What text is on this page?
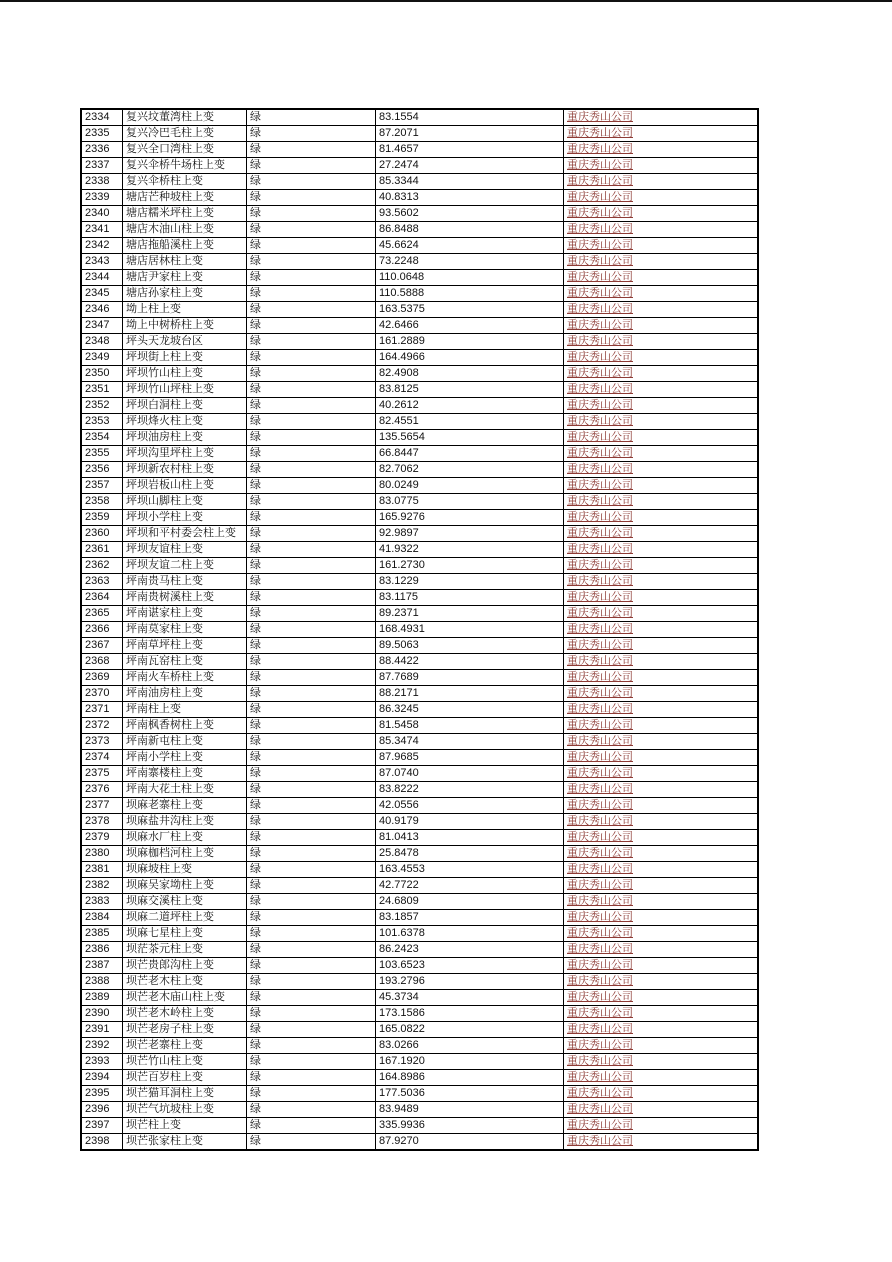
2334	复兴坟董湾柱上变	绿	83.1554	重庆秀山公司
2335	复兴冷巴毛柱上变	绿	87.2071	重庆秀山公司
2336	复兴全口湾柱上变	绿	81.4657	重庆秀山公司
2337	复兴伞桥牛场柱上变	绿	27.2474	重庆秀山公司
2338	复兴伞桥柱上变	绿	85.3344	重庆秀山公司
2339	塘店芒种坡柱上变	绿	40.8313	重庆秀山公司
2340	塘店糯米坪柱上变	绿	93.5602	重庆秀山公司
2341	塘店木油山柱上变	绿	86.8488	重庆秀山公司
2342	塘店拖船溪柱上变	绿	45.6624	重庆秀山公司
2343	塘店居林柱上变	绿	73.2248	重庆秀山公司
2344	塘店尹家柱上变	绿	110.0648	重庆秀山公司
2345	塘店孙家柱上变	绿	110.5888	重庆秀山公司
2346	坳上柱上变	绿	163.5375	重庆秀山公司
2347	坳上中树桥柱上变	绿	42.6466	重庆秀山公司
2348	坪头天龙坡台区	绿	161.2889	重庆秀山公司
2349	坪坝街上柱上变	绿	164.4966	重庆秀山公司
2350	坪坝竹山柱上变	绿	82.4908	重庆秀山公司
2351	坪坝竹山坪柱上变	绿	83.8125	重庆秀山公司
2352	坪坝白洞柱上变	绿	40.2612	重庆秀山公司
2353	坪坝烽火柱上变	绿	82.4551	重庆秀山公司
2354	坪坝油房柱上变	绿	135.5654	重庆秀山公司
2355	坪坝沟里坪柱上变	绿	66.8447	重庆秀山公司
2356	坪坝新农村柱上变	绿	82.7062	重庆秀山公司
2357	坪坝岩板山柱上变	绿	80.0249	重庆秀山公司
2358	坪坝山脚柱上变	绿	83.0775	重庆秀山公司
2359	坪坝小学柱上变	绿	165.9276	重庆秀山公司
2360	坪坝和平村委会柱上变	绿	92.9897	重庆秀山公司
2361	坪坝友谊柱上变	绿	41.9322	重庆秀山公司
2362	坪坝友谊二柱上变	绿	161.2730	重庆秀山公司
2363	坪南贵马柱上变	绿	83.1229	重庆秀山公司
2364	坪南贵树溪柱上变	绿	83.1175	重庆秀山公司
2365	坪南谌家柱上变	绿	89.2371	重庆秀山公司
2366	坪南莫家柱上变	绿	168.4931	重庆秀山公司
2367	坪南草坪柱上变	绿	89.5063	重庆秀山公司
2368	坪南瓦窑柱上变	绿	88.4422	重庆秀山公司
2369	坪南火车桥柱上变	绿	87.7689	重庆秀山公司
2370	坪南油房柱上变	绿	88.2171	重庆秀山公司
2371	坪南柱上变	绿	86.3245	重庆秀山公司
2372	坪南枫香树柱上变	绿	81.5458	重庆秀山公司
2373	坪南新屯柱上变	绿	85.3474	重庆秀山公司
2374	坪南小学柱上变	绿	87.9685	重庆秀山公司
2375	坪南寨楼柱上变	绿	87.0740	重庆秀山公司
2376	坪南大花土柱上变	绿	83.8222	重庆秀山公司
2377	坝麻老寨柱上变	绿	42.0556	重庆秀山公司
2378	坝麻盐井沟柱上变	绿	40.9179	重庆秀山公司
2379	坝麻水厂柱上变	绿	81.0413	重庆秀山公司
2380	坝麻枷档河柱上变	绿	25.8478	重庆秀山公司
2381	坝麻坡柱上变	绿	163.4553	重庆秀山公司
2382	坝麻吴家坳柱上变	绿	42.7722	重庆秀山公司
2383	坝麻交溪柱上变	绿	24.6809	重庆秀山公司
2384	坝麻二道坪柱上变	绿	83.1857	重庆秀山公司
2385	坝麻七星柱上变	绿	101.6378	重庆秀山公司
2386	坝茫茶元柱上变	绿	86.2423	重庆秀山公司
2387	坝芒贵郎沟柱上变	绿	103.6523	重庆秀山公司
2388	坝芒老木柱上变	绿	193.2796	重庆秀山公司
2389	坝芒老木庙山柱上变	绿	45.3734	重庆秀山公司
2390	坝芒老木岭柱上变	绿	173.1586	重庆秀山公司
2391	坝芒老房子柱上变	绿	165.0822	重庆秀山公司
2392	坝芒老寨柱上变	绿	83.0266	重庆秀山公司
2393	坝芒竹山柱上变	绿	167.1920	重庆秀山公司
2394	坝芒百岁柱上变	绿	164.8986	重庆秀山公司
2395	坝芒猫耳洞柱上变	绿	177.5036	重庆秀山公司
2396	坝芒气坑坡柱上变	绿	83.9489	重庆秀山公司
2397	坝芒柱上变	绿	335.9936	重庆秀山公司
2398	坝芒张家柱上变	绿	87.9270	重庆秀山公司
